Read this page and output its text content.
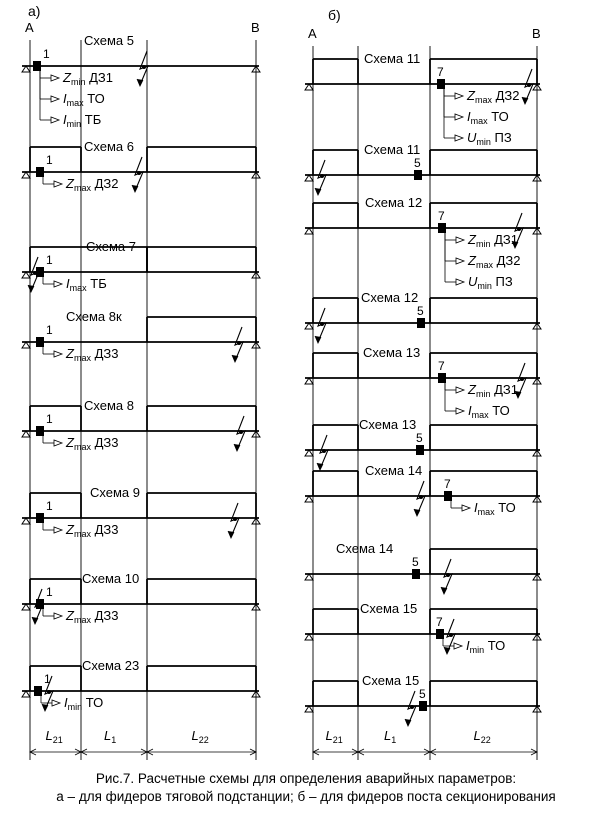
а)
A	B
Схема 5
1
$Z_{min}$ ДЗ1
$I_{max}$ ТО
$I_{min}$ ТБ
Схема 6
1
$Z_{max}$ ДЗ2
Схема 7
1
$I_{max}$ ТБ
Схема 8к
1
$Z_{max}$ ДЗ3
Схема 8
1
$Z_{max}$ ДЗ3
Схема 9
1
$Z_{max}$ ДЗ3
Схема 10
1
$Z_{max}$ ДЗ3
Схема 23
1
$I_{min}$ ТО
$L_{21}$	$L_1$	$L_{22}$
б)
A	B
Схема 11
7
$Z_{max}$ ДЗ2
$I_{max}$ ТО
$U_{min}$ ПЗ
Схема 11
5
Схема 12
7
$Z_{min}$ ДЗ1
$Z_{max}$ ДЗ2
$U_{min}$ ПЗ
Схема 12
5
Схема 13
7
$Z_{min}$ ДЗ1
$I_{max}$ ТО
Схема 13
5
Схема 14
7
$I_{max}$ ТО
Схема 14
5
Схема 15
7
$I_{min}$ ТО
Схема 15
5
$L_{21}$	$L_1$	$L_{22}$
Рис.7. Расчетные схемы для определения аварийных параметров:
а – для фидеров тяговой подстанции; б – для фидеров поста секционирования
